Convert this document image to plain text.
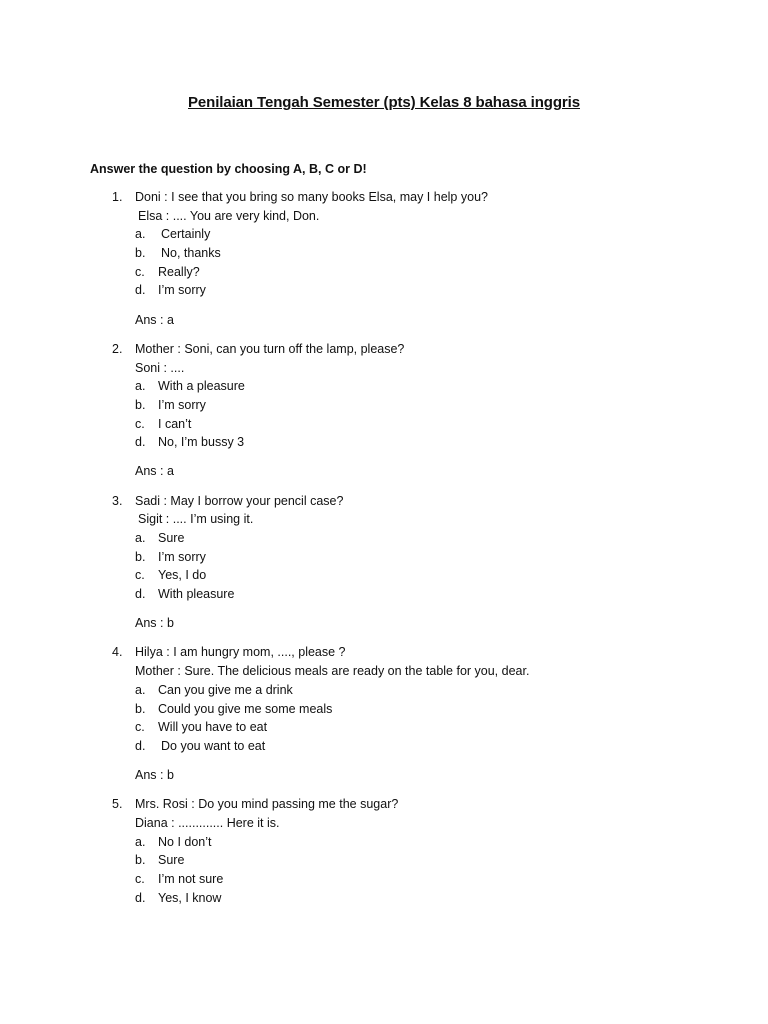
Penilaian Tengah Semester (pts) Kelas 8 bahasa inggris
Answer the question by choosing A, B, C or D!
1.	Doni : I see that you bring so many books Elsa, may I help you?
Elsa : .... You are very kind, Don.
a.	Certainly
b.	No, thanks
c.	Really?
d.	I’m sorry
Ans : a
2.	Mother : Soni, can you turn off the lamp, please?
Soni : ....
a.	With a pleasure
b.	I’m sorry
c.	I can’t
d.	No, I’m bussy 3
Ans : a
3.	Sadi : May I borrow your pencil case?
Sigit : .... I’m using it.
a.	Sure
b.	I’m sorry
c.	Yes, I do
d.	With pleasure
Ans : b
4.	Hilya : I am hungry mom, ...., please ?
Mother : Sure. The delicious meals are ready on the table for you, dear.
a.	Can you give me a drink
b.	Could you give me some meals
c.	Will you have to eat
d.	Do you want to eat
Ans : b
5.	Mrs. Rosi : Do you mind passing me the sugar?
Diana : ............. Here it is.
a.	No I don’t
b.	Sure
c.	I’m not sure
d.	Yes, I know
